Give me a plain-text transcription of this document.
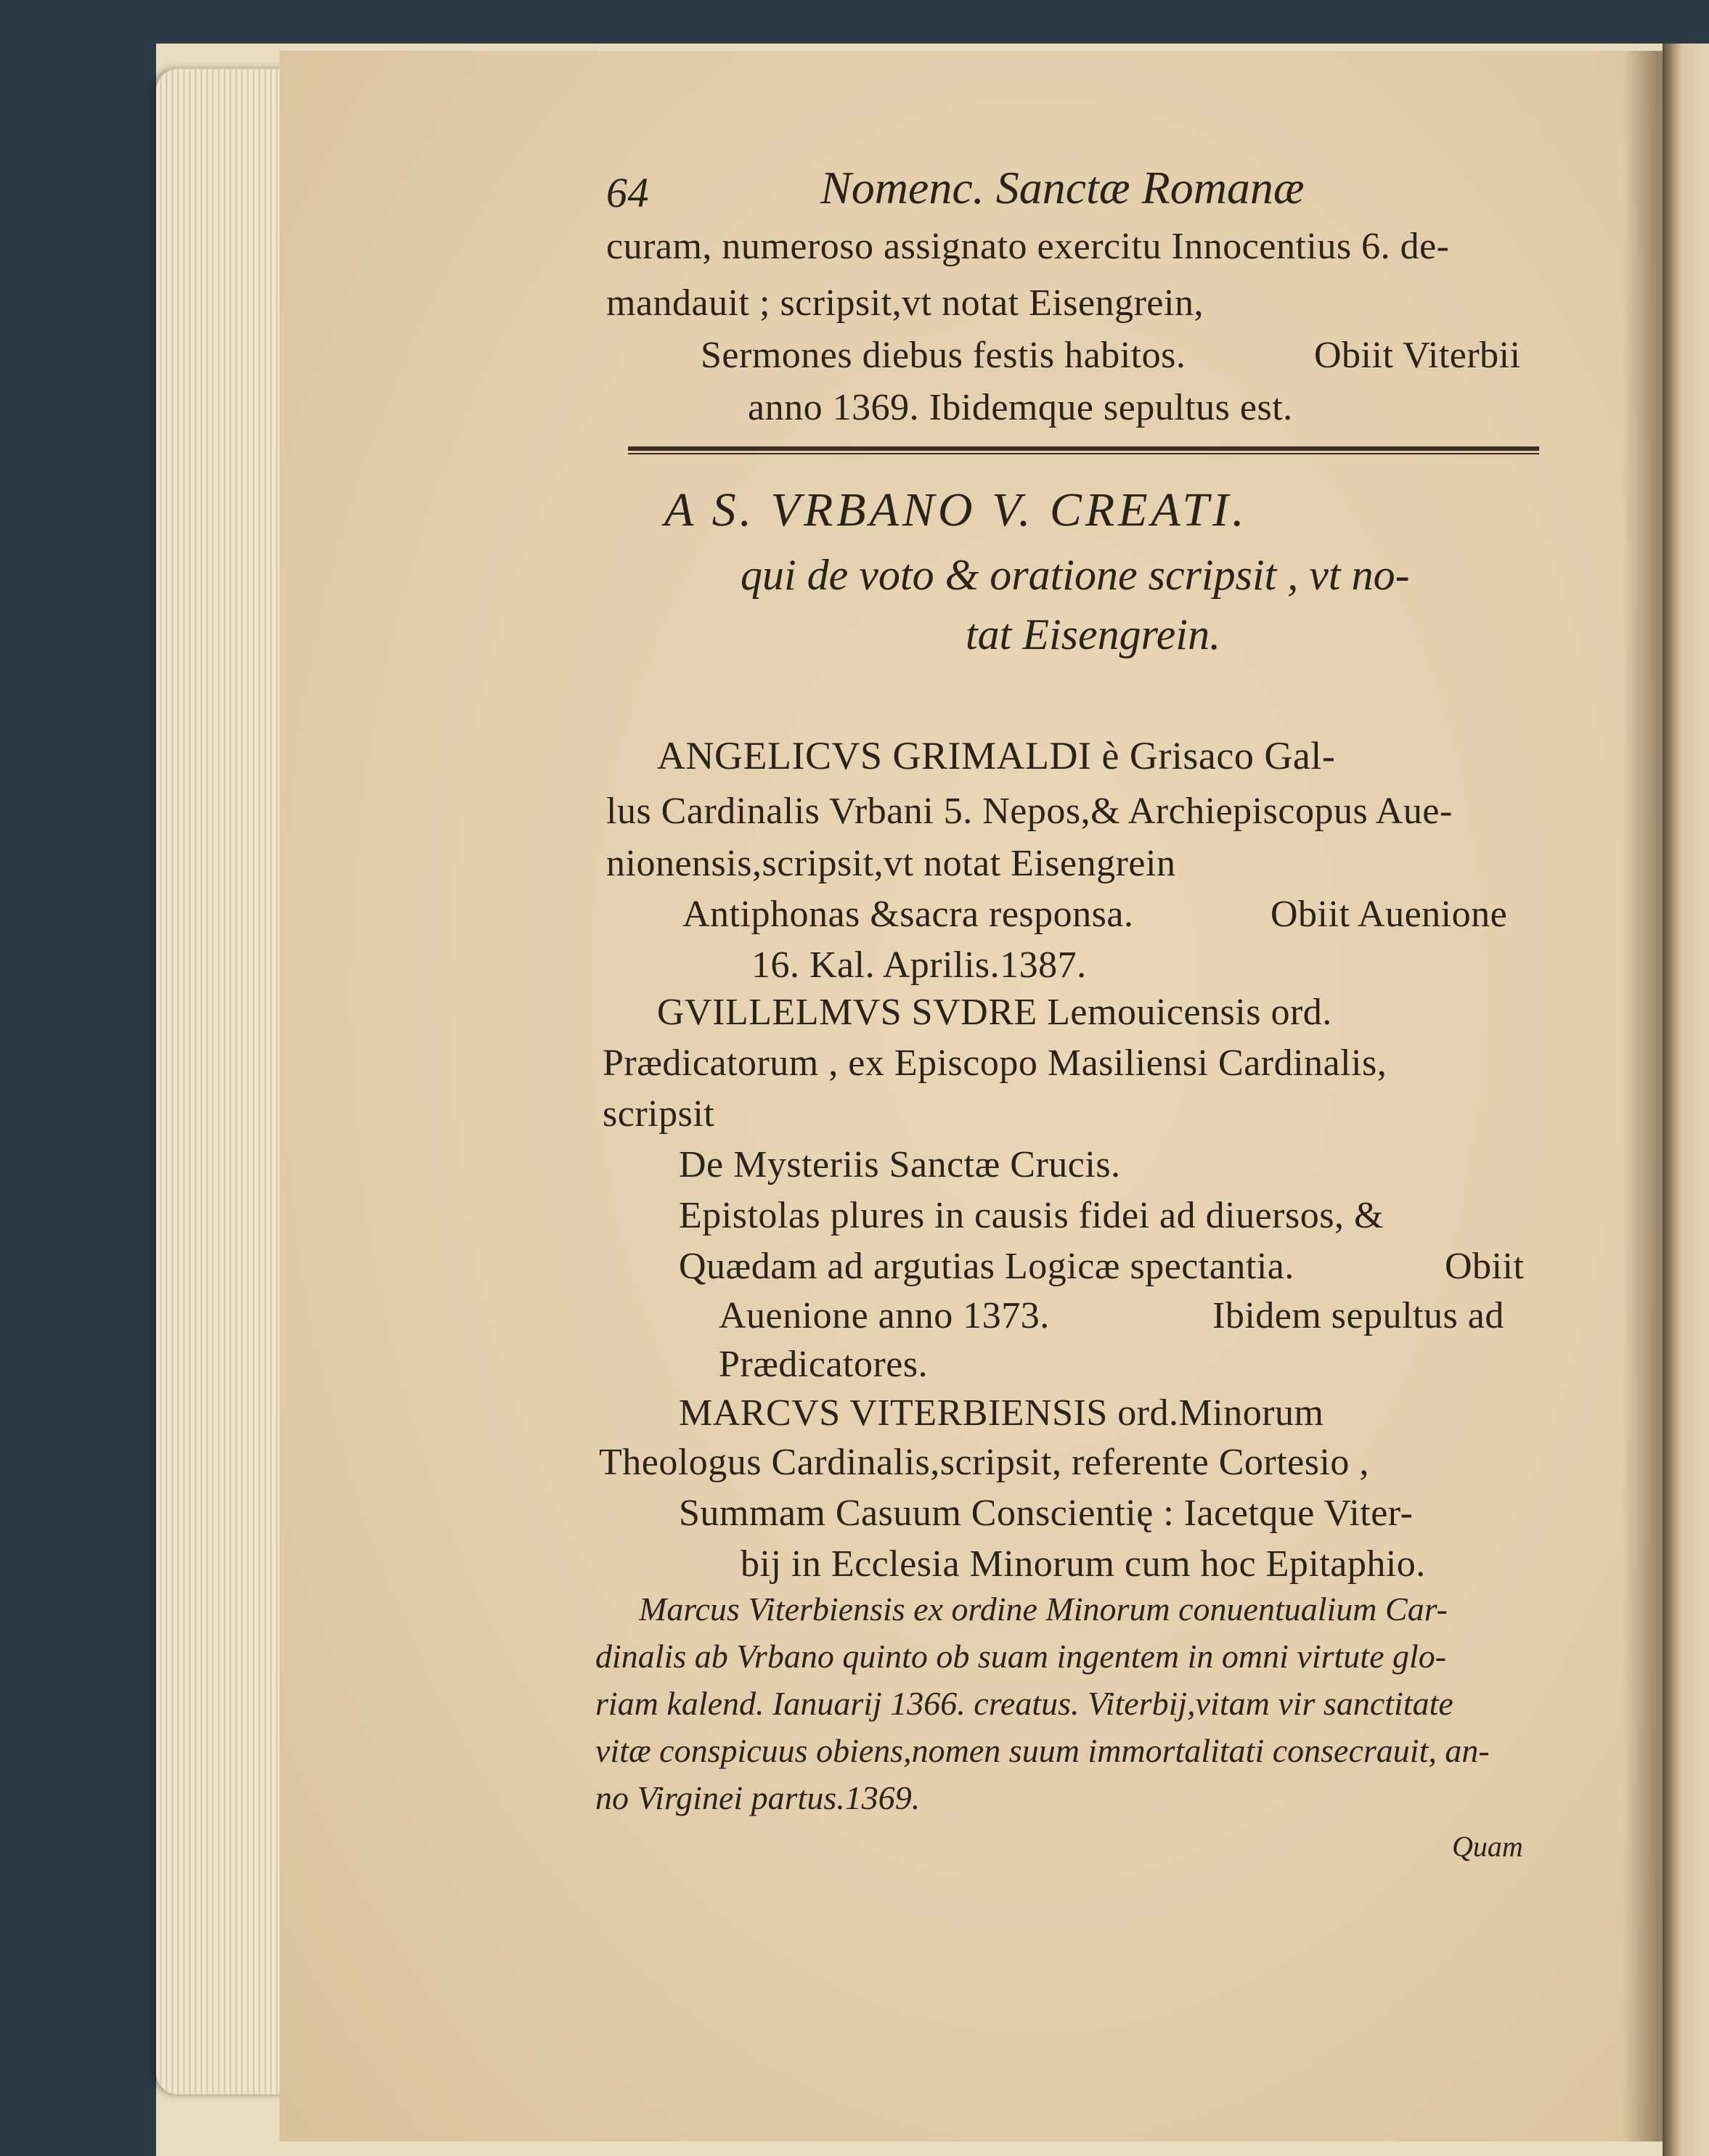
64	Nomenc. Sanctæ Romanæ
curam, numeroso assignato exercitu Innocentius 6. de-
mandauit ; scripsit,vt notat Eisengrein,
Sermones diebus festis habitos.	Obiit Viterbii
anno 1369. Ibidemque sepultus est.
A S. VRBANO V. CREATI.
qui de voto & oratione scripsit , vt no-
tat Eisengrein.
ANGELICVS GRIMALDI è Grisaco Gal-
lus Cardinalis Vrbani 5. Nepos,& Archiepiscopus Aue-
nionensis,scripsit,vt notat Eisengrein
Antiphonas &sacra responsa.	Obiit Auenione
16. Kal. Aprilis.1387.
GVILLELMVS SVDRE Lemouicensis ord.
Prædicatorum , ex Episcopo Masiliensi Cardinalis,
scripsit
De Mysteriis Sanctæ Crucis.
Epistolas plures in causis fidei ad diuersos, &
Quædam ad argutias Logicæ spectantia.	Obiit
Auenione anno 1373.	Ibidem sepultus ad
Prædicatores.
MARCVS VITERBIENSIS ord.Minorum
Theologus Cardinalis,scripsit, referente Cortesio ,
Summam Casuum Conscientię : Iacetque Viter-
bij in Ecclesia Minorum cum hoc Epitaphio.
Marcus Viterbiensis ex ordine Minorum conuentualium Car-
dinalis ab Vrbano quinto ob suam ingentem in omni virtute glo-
riam kalend. Ianuarij 1366. creatus. Viterbij,vitam vir sanctitate
vitæ conspicuus obiens,nomen suum immortalitati consecrauit, an-
no Virginei partus.1369.
Quam
